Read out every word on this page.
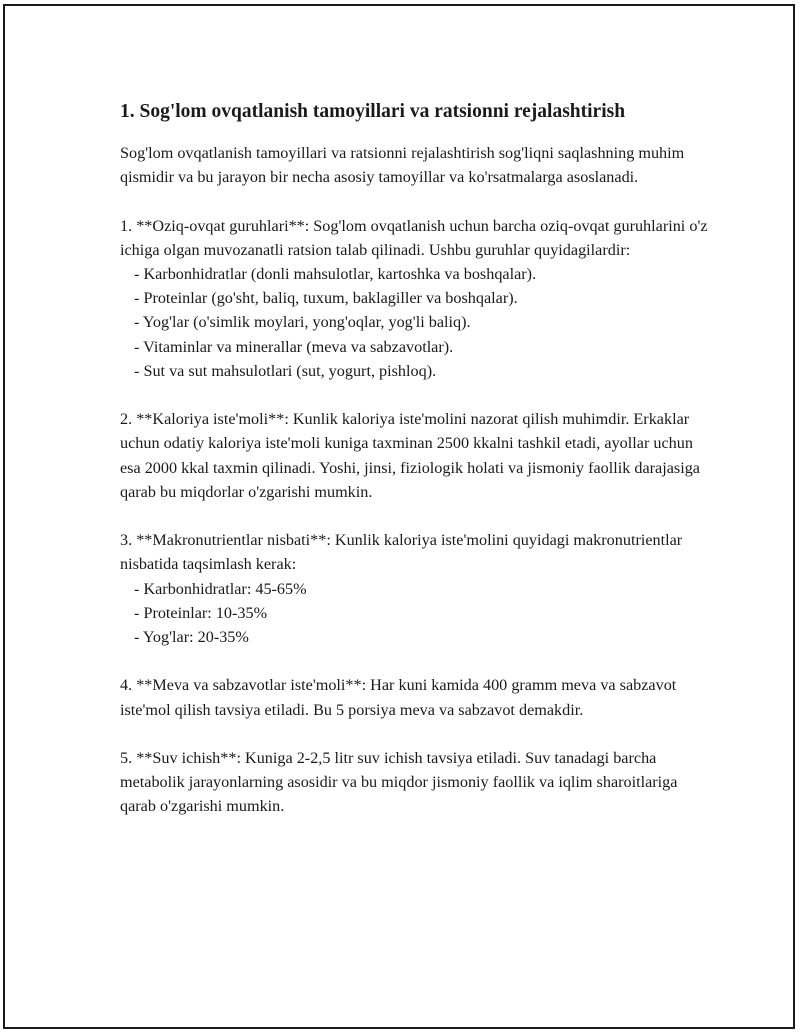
1. Sog'lom ovqatlanish tamoyillari va ratsionni rejalashtirish

Sog'lom ovqatlanish tamoyillari va ratsionni rejalashtirish sog'liqni saqlashning muhim qismidir va bu jarayon bir necha asosiy tamoyillar va ko'rsatmalarga asoslanadi.

1. **Oziq-ovqat guruhlari**: Sog'lom ovqatlanish uchun barcha oziq-ovqat guruhlarini o'z ichiga olgan muvozanatli ratsion talab qilinadi. Ushbu guruhlar quyidagilardir:

- Karbonhidratlar (donli mahsulotlar, kartoshka va boshqalar).
- Proteinlar (go'sht, baliq, tuxum, baklagiller va boshqalar).
- Yog'lar (o'simlik moylari, yong'oqlar, yog'li baliq).
- Vitaminlar va minerallar (meva va sabzavotlar).
- Sut va sut mahsulotlari (sut, yogurt, pishloq).

2. **Kaloriya iste'moli**: Kunlik kaloriya iste'molini nazorat qilish muhimdir. Erkaklar uchun odatiy kaloriya iste'moli kuniga taxminan 2500 kkalni tashkil etadi, ayollar uchun esa 2000 kkal taxmin qilinadi. Yoshi, jinsi, fiziologik holati va jismoniy faollik darajasiga qarab bu miqdorlar o'zgarishi mumkin.

3. **Makronutrientlar nisbati**: Kunlik kaloriya iste'molini quyidagi makronutrientlar nisbatida taqsimlash kerak:

- Karbonhidratlar: 45-65%
- Proteinlar: 10-35%
- Yog'lar: 20-35%

4. **Meva va sabzavotlar iste'moli**: Har kuni kamida 400 gramm meva va sabzavot iste'mol qilish tavsiya etiladi. Bu 5 porsiya meva va sabzavot demakdir.

5. **Suv ichish**: Kuniga 2-2,5 litr suv ichish tavsiya etiladi. Suv tanadagi barcha metabolik jarayonlarning asosidir va bu miqdor jismoniy faollik va iqlim sharoitlariga qarab o'zgarishi mumkin.
